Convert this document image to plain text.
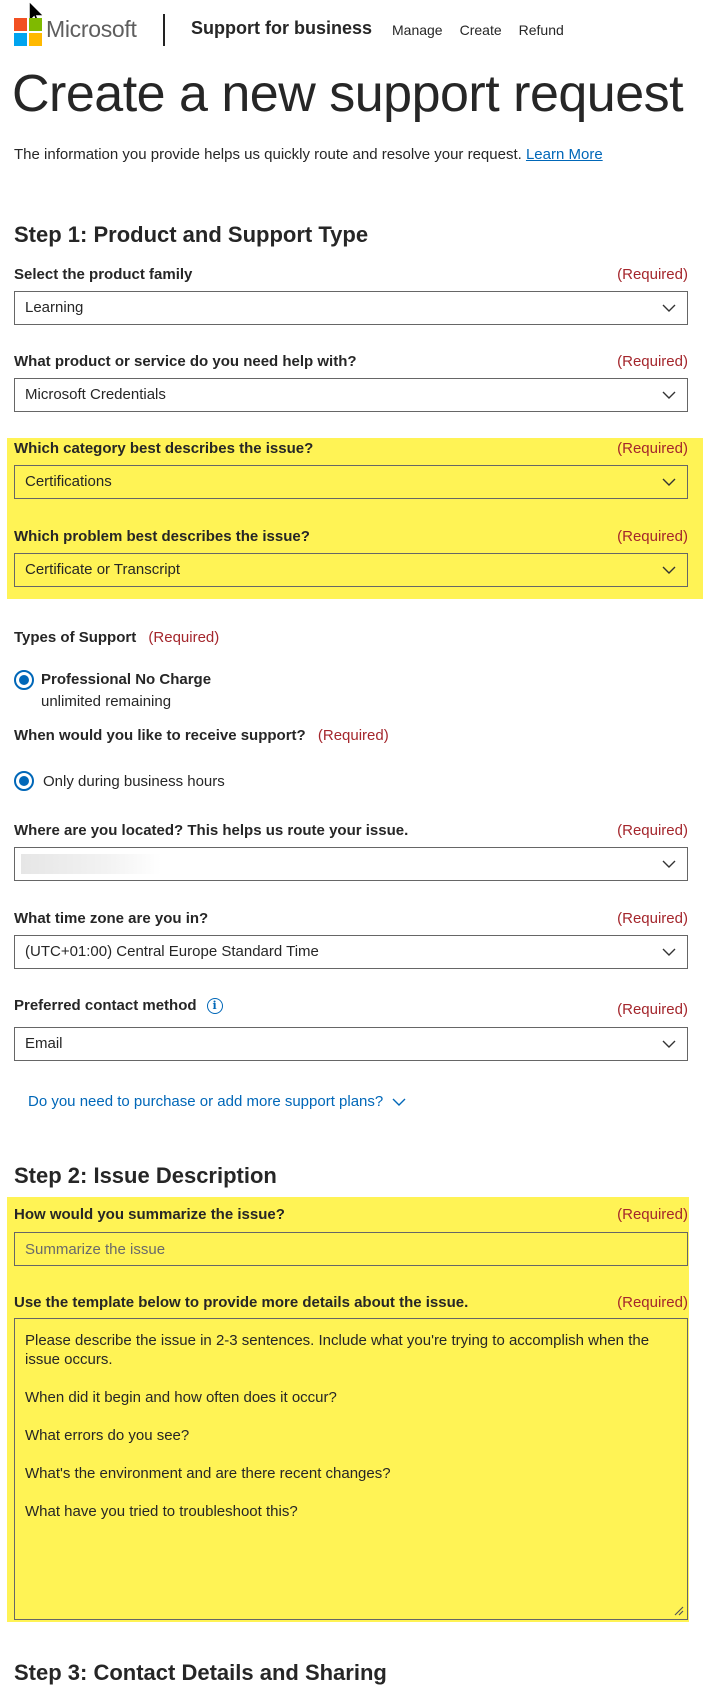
Microsoft	Support for business Manage Create Refund
Create a new support request
The information you provide helps us quickly route and resolve your request. Learn More
Step 1: Product and Support Type
Select the product family	(Required)
Learning
What product or service do you need help with?	(Required)
Microsoft Credentials
Which category best describes the issue?	(Required)
Certifications
Which problem best describes the issue?	(Required)
Certificate or Transcript
Types of Support (Required)
Professional No Charge
unlimited remaining
When would you like to receive support? (Required)
Only during business hours
Where are you located? This helps us route your issue.	(Required)
What time zone are you in?	(Required)
(UTC+01:00) Central Europe Standard Time
Preferred contact method	i	(Required)
Email
Do you need to purchase or add more support plans?
Step 2: Issue Description
How would you summarize the issue?	(Required)
Summarize the issue
Use the template below to provide more details about the issue.	(Required)
Please describe the issue in 2-3 sentences. Include what you're trying to accomplish when the issue occurs. When did it begin and how often does it occur? What errors do you see? What's the environment and are there recent changes? What have you tried to troubleshoot this?
Step 3: Contact Details and Sharing
